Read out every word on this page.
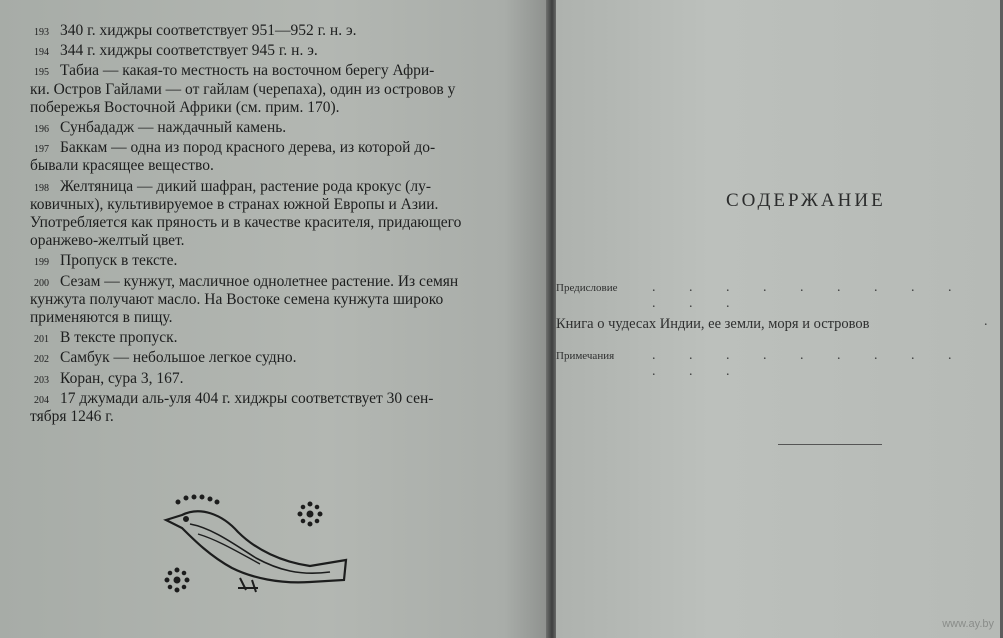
193 340 г. хиджры соответствует 951—952 г. н. э.
194 344 г. хиджры соответствует 945 г. н. э.
195 Табиа — какая-то местность на восточном берегу Афри-
ки. Остров Гайлами — от гайлам (черепаха), один из островов у побережья Восточной Африки (см. прим. 170).
196 Сунбададж — наждачный камень.
197 Баккам — одна из пород красного дерева, из которой до-
бывали красящее вещество.
198 Желтяница — дикий шафран, растение рода крокус (лу-
ковичных), культивируемое в странах южной Европы и Азии. Употребляется как пряность и в качестве красителя, придающего оранжево-желтый цвет.
199 Пропуск в тексте.
200 Сезам — кунжут, масличное однолетнее растение. Из семян
кунжута получают масло. На Востоке семена кунжута широко применяются в пищу.
201 В тексте пропуск.
202 Самбук — небольшое легкое судно.
203 Коран, сура 3, 167.
204 17 джумади аль-уля 404 г. хиджры соответствует 30 сен-
тября 1246 г.
СОДЕРЖАНИЕ
Предисловие . . . . . . . . . . . .
Книга о чудесах Индии, ее земли, моря и островов	.
Примечания	. . . . . . . . . . . .
www.ay.by
